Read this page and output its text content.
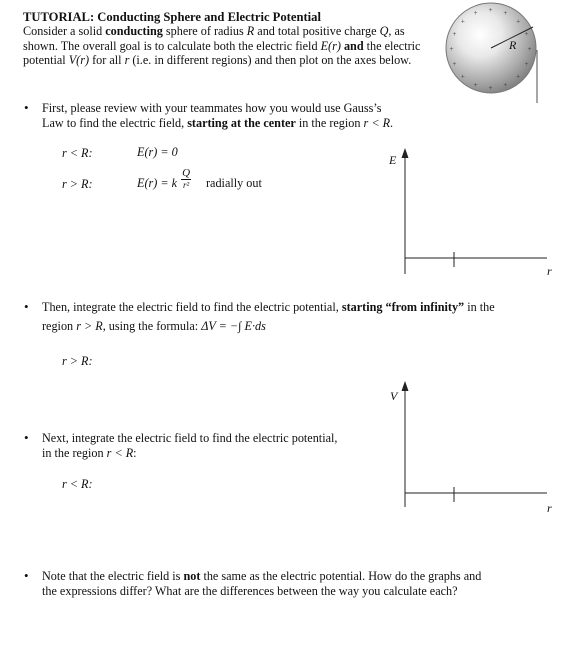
TUTORIAL: Conducting Sphere and Electric Potential
Consider a solid conducting sphere of radius R and total positive charge Q, as shown. The overall goal is to calculate both the electric field E(r) and the electric potential V(r) for all r (i.e. in different regions) and then plot on the axes below.
+
+
+
+
+
+
+
+
+
+
+
+ + +
+
+
R
• First, please review with your teammates how you would use Gauss’s
Law to find the electric field, starting at the center in the region r < R.
r < R:	E(r) = 0
r > R:	E(r) = k
Q
r² radially out
E
r
• Then, integrate the electric field to find the electric potential, starting “from infinity” in the
region r > R, using the formula: ΔV = −∫ E·ds
r > R:
V
r
• Next, integrate the electric field to find the electric potential,
in the region r < R:
r < R:
• Note that the electric field is not the same as the electric potential. How do the graphs and
the expressions differ? What are the differences between the way you calculate each?
